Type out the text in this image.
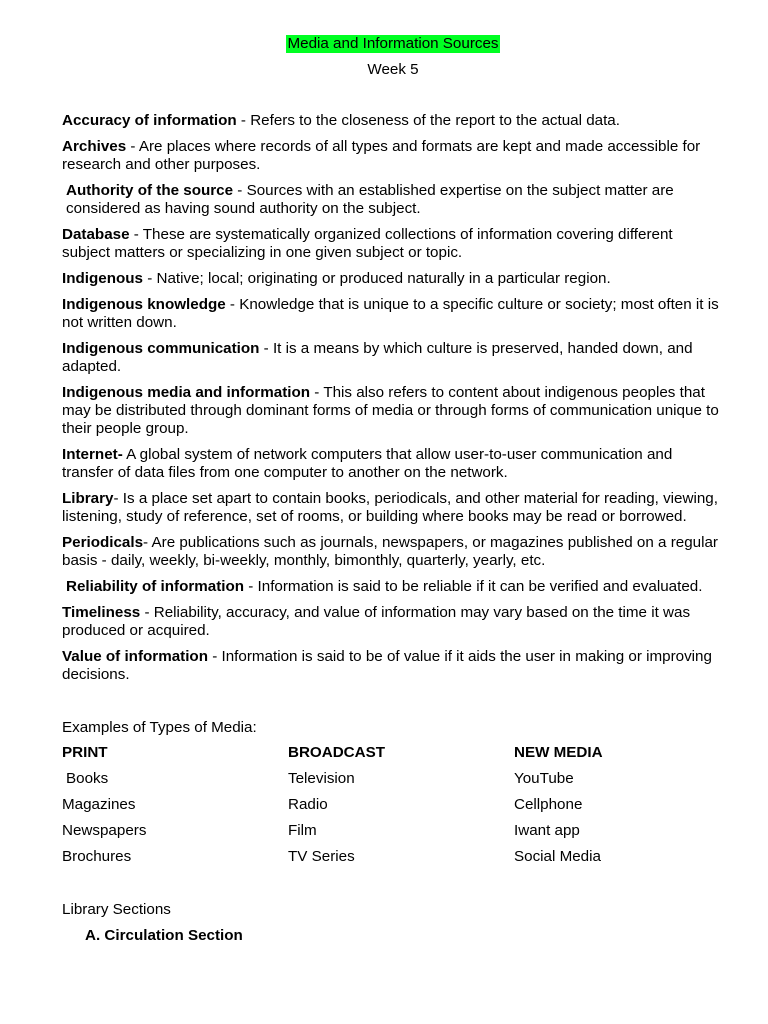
Media and Information Sources
Week 5
Accuracy of information - Refers to the closeness of the report to the actual data.
Archives - Are places where records of all types and formats are kept and made accessible for research and other purposes.
Authority of the source - Sources with an established expertise on the subject matter are considered as having sound authority on the subject.
Database - These are systematically organized collections of information covering different subject matters or specializing in one given subject or topic.
Indigenous - Native; local; originating or produced naturally in a particular region.
Indigenous knowledge - Knowledge that is unique to a specific culture or society; most often it is not written down.
Indigenous communication - It is a means by which culture is preserved, handed down, and adapted.
Indigenous media and information - This also refers to content about indigenous peoples that may be distributed through dominant forms of media or through forms of communication unique to their people group.
Internet- A global system of network computers that allow user-to-user communication and transfer of data files from one computer to another on the network.
Library- Is a place set apart to contain books, periodicals, and other material for reading, viewing, listening, study of reference, set of rooms, or building where books may be read or borrowed.
Periodicals- Are publications such as journals, newspapers, or magazines published on a regular basis - daily, weekly, bi-weekly, monthly, bimonthly, quarterly, yearly, etc.
Reliability of information - Information is said to be reliable if it can be verified and evaluated.
Timeliness - Reliability, accuracy, and value of information may vary based on the time it was produced or acquired.
Value of information - Information is said to be of value if it aids the user in making or improving decisions.
Examples of Types of Media:
PRINT	BROADCAST	NEW MEDIA
Books	Television	YouTube
Magazines	Radio	Cellphone
Newspapers	Film	Iwant app
Brochures	TV Series	Social Media
Library Sections
A. Circulation Section
